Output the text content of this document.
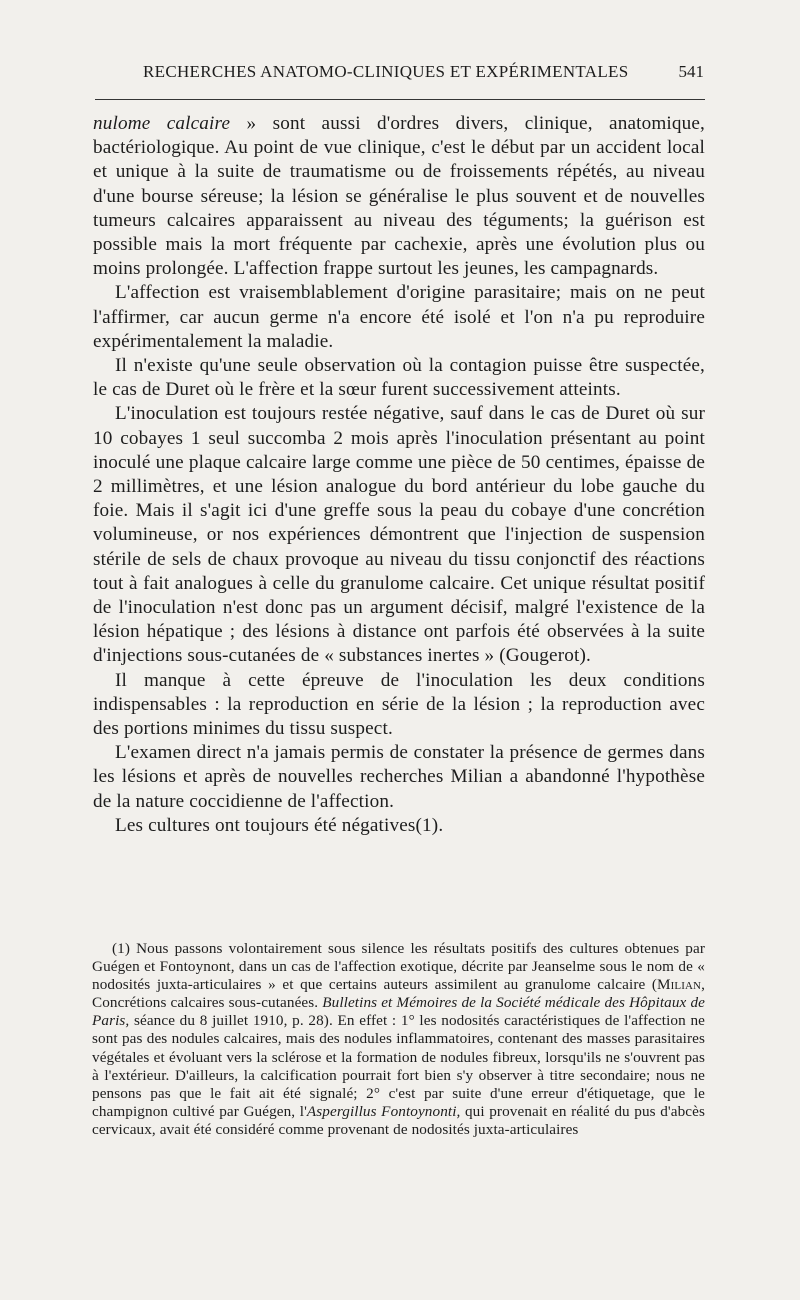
RECHERCHES ANATOMO-CLINIQUES ET EXPÉRIMENTALES	541

nulome calcaire » sont aussi d'ordres divers, clinique, anatomique, bactériologique. Au point de vue clinique, c'est le début par un accident local et unique à la suite de traumatisme ou de froissements répétés, au niveau d'une bourse séreuse; la lésion se généralise le plus souvent et de nouvelles tumeurs calcaires apparaissent au niveau des téguments; la guérison est possible mais la mort fréquente par cachexie, après une évolution plus ou moins prolongée. L'affection frappe surtout les jeunes, les campagnards.

L'affection est vraisemblablement d'origine parasitaire; mais on ne peut l'affirmer, car aucun germe n'a encore été isolé et l'on n'a pu reproduire expérimentalement la maladie.

Il n'existe qu'une seule observation où la contagion puisse être suspectée, le cas de Duret où le frère et la sœur furent successivement atteints.

L'inoculation est toujours restée négative, sauf dans le cas de Duret où sur 10 cobayes 1 seul succomba 2 mois après l'inoculation présentant au point inoculé une plaque calcaire large comme une pièce de 50 centimes, épaisse de 2 millimètres, et une lésion analogue du bord antérieur du lobe gauche du foie. Mais il s'agit ici d'une greffe sous la peau du cobaye d'une concrétion volumineuse, or nos expériences démontrent que l'injection de suspension stérile de sels de chaux provoque au niveau du tissu conjonctif des réactions tout à fait analogues à celle du granulome calcaire. Cet unique résultat positif de l'inoculation n'est donc pas un argument décisif, malgré l'existence de la lésion hépatique ; des lésions à distance ont parfois été observées à la suite d'injections sous-cutanées de « substances inertes » (Gougerot).

Il manque à cette épreuve de l'inoculation les deux conditions indispensables : la reproduction en série de la lésion ; la reproduction avec des portions minimes du tissu suspect.

L'examen direct n'a jamais permis de constater la présence de germes dans les lésions et après de nouvelles recherches Milian a abandonné l'hypothèse de la nature coccidienne de l'affection.

Les cultures ont toujours été négatives(1).

(1) Nous passons volontairement sous silence les résultats positifs des cultures obtenues par Guégen et Fontoynont, dans un cas de l'affection exotique, décrite par Jeanselme sous le nom de « nodosités juxta-articulaires » et que certains auteurs assimilent au granulome calcaire (Milian, Concrétions calcaires sous-cutanées. Bulletins et Mémoires de la Société médicale des Hôpitaux de Paris, séance du 8 juillet 1910, p. 28). En effet : 1° les nodosités caractéristiques de l'affection ne sont pas des nodules calcaires, mais des nodules inflammatoires, contenant des masses parasitaires végétales et évoluant vers la sclérose et la formation de nodules fibreux, lorsqu'ils ne s'ouvrent pas à l'extérieur. D'ailleurs, la calcification pourrait fort bien s'y observer à titre secondaire; nous ne pensons pas que le fait ait été signalé; 2° c'est par suite d'une erreur d'étiquetage, que le champignon cultivé par Guégen, l'Aspergillus Fontoynonti, qui provenait en réalité du pus d'abcès cervicaux, avait été considéré comme provenant de nodosités juxta-articulaires
